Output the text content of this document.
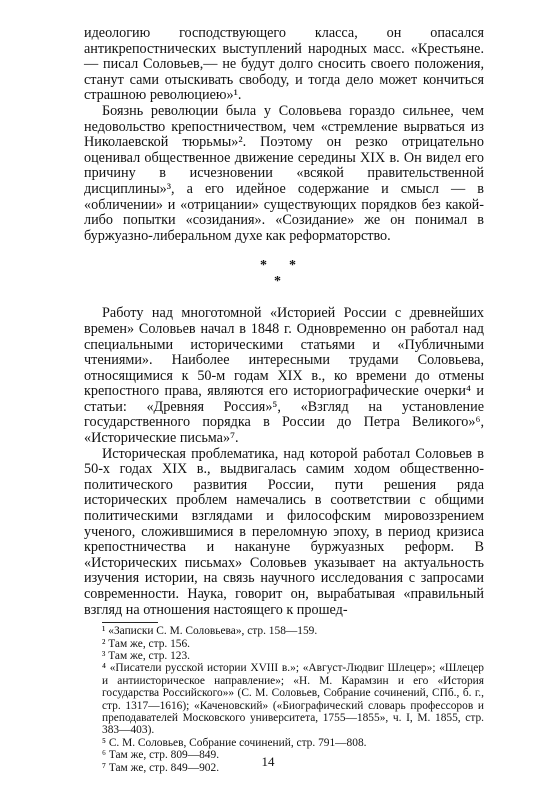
идеологию господствующего класса, он опасался антикрепостнических выступлений народных масс. «Крестьяне.— писал Соловьев,— не будут долго сносить своего положения, станут сами отыскивать свободу, и тогда дело может кончиться страшною революциею»¹.

Боязнь революции была у Соловьева гораздо сильнее, чем недовольство крепостничеством, чем «стремление вырваться из Николаевской тюрьмы»². Поэтому он резко отрицательно оценивал общественное движение середины XIX в. Он видел его причину в исчезновении «всякой правительственной дисциплины»³, а его идейное содержание и смысл — в «обличении» и «отрицании» существующих порядков без какой-либо попытки «созидания». «Созидание» же он понимал в буржуазно-либеральном духе как реформаторство.

* *
*

Работу над многотомной «Историей России с древнейших времен» Соловьев начал в 1848 г. Одновременно он работал над специальными историческими статьями и «Публичными чтениями». Наиболее интересными трудами Соловьева, относящимися к 50-м годам XIX в., ко времени до отмены крепостного права, являются его историографические очерки⁴ и статьи: «Древняя Россия»⁵, «Взгляд на установление государственного порядка в России до Петра Великого»⁶, «Исторические письма»⁷.

Историческая проблематика, над которой работал Соловьев в 50-х годах XIX в., выдвигалась самим ходом общественно-политического развития России, пути решения ряда исторических проблем намечались в соответствии с общими политическими взглядами и философским мировоззрением ученого, сложившимися в переломную эпоху, в период кризиса крепостничества и накануне буржуазных реформ. В «Исторических письмах» Соловьев указывает на актуальность изучения истории, на связь научного исследования с запросами современности. Наука, говорит он, вырабатывая «правильный взгляд на отношения настоящего к прошед-

¹ «Записки С. М. Соловьева», стр. 158—159.

² Там же, стр. 156.

³ Там же, стр. 123.

⁴ «Писатели русской истории XVIII в.»; «Август-Людвиг Шлецер»; «Шлецер и антиисторическое направление»; «Н. М. Карамзин и его «История государства Российского»» (С. М. Соловьев, Собрание сочинений, СПб., б. г., стр. 1317—1616); «Каченовский» («Биографический словарь профессоров и преподавателей Московского университета, 1755—1855», ч. I, М. 1855, стр. 383—403).

⁵ С. М. Соловьев, Собрание сочинений, стр. 791—808.

⁶ Там же, стр. 809—849.

⁷ Там же, стр. 849—902.	14
